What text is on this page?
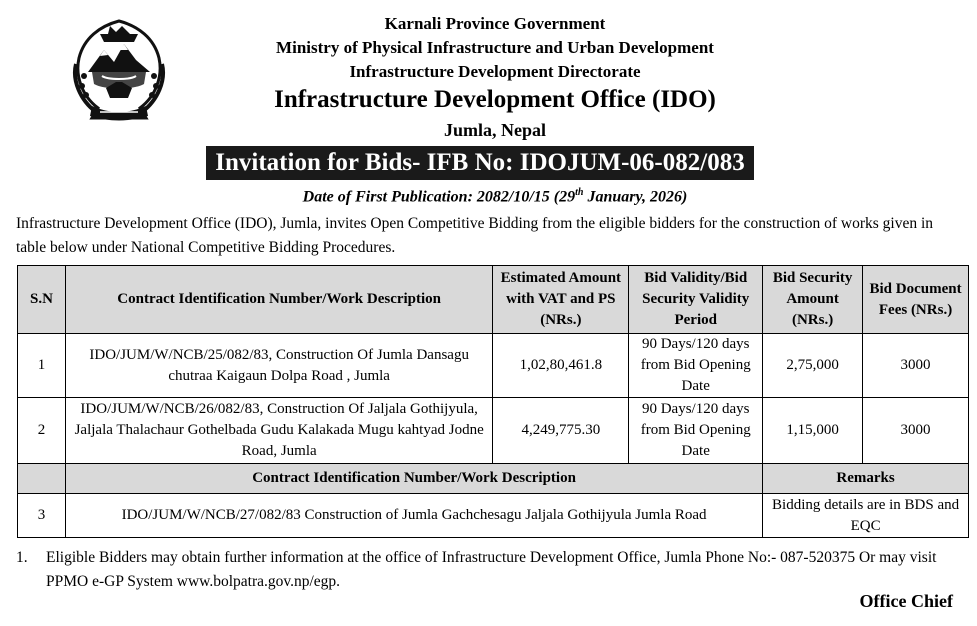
Karnali Province Government
Ministry of Physical Infrastructure and Urban Development
Infrastructure Development Directorate
Infrastructure Development Office (IDO)
Jumla, Nepal
Invitation for Bids- IFB No: IDOJUM-06-082/083
Date of First Publication: 2082/10/15 (29th January, 2026)
Infrastructure Development Office (IDO), Jumla, invites Open Competitive Bidding from the eligible bidders for the construction of works given in table below under National Competitive Bidding Procedures.
S.N	Contract Identification Number/Work Description	Estimated Amount with VAT and PS (NRs.)	Bid Validity/Bid Security Validity Period	Bid Security Amount (NRs.)	Bid Document Fees (NRs.)
1	IDO/JUM/W/NCB/25/082/83, Construction Of Jumla Dansagu chutraa Kaigaun Dolpa Road , Jumla	1,02,80,461.8	90 Days/120 days from Bid Opening Date	2,75,000	3000
2	IDO/JUM/W/NCB/26/082/83, Construction Of Jaljala Gothijyula, Jaljala Thalachaur Gothelbada Gudu Kalakada Mugu kahtyad Jodne Road, Jumla	4,249,775.30	90 Days/120 days from Bid Opening Date	1,15,000	3000
	Contract Identification Number/Work Description			Remarks	
3	IDO/JUM/W/NCB/27/082/83 Construction of Jumla Gachchesagu Jaljala Gothijyula Jumla Road			Bidding details are in BDS and EQC	
1.	Eligible Bidders may obtain further information at the office of Infrastructure Development Office, Jumla Phone No:- 087-520375 Or may visit PPMO e-GP System www.bolpatra.gov.np/egp.
Office Chief
